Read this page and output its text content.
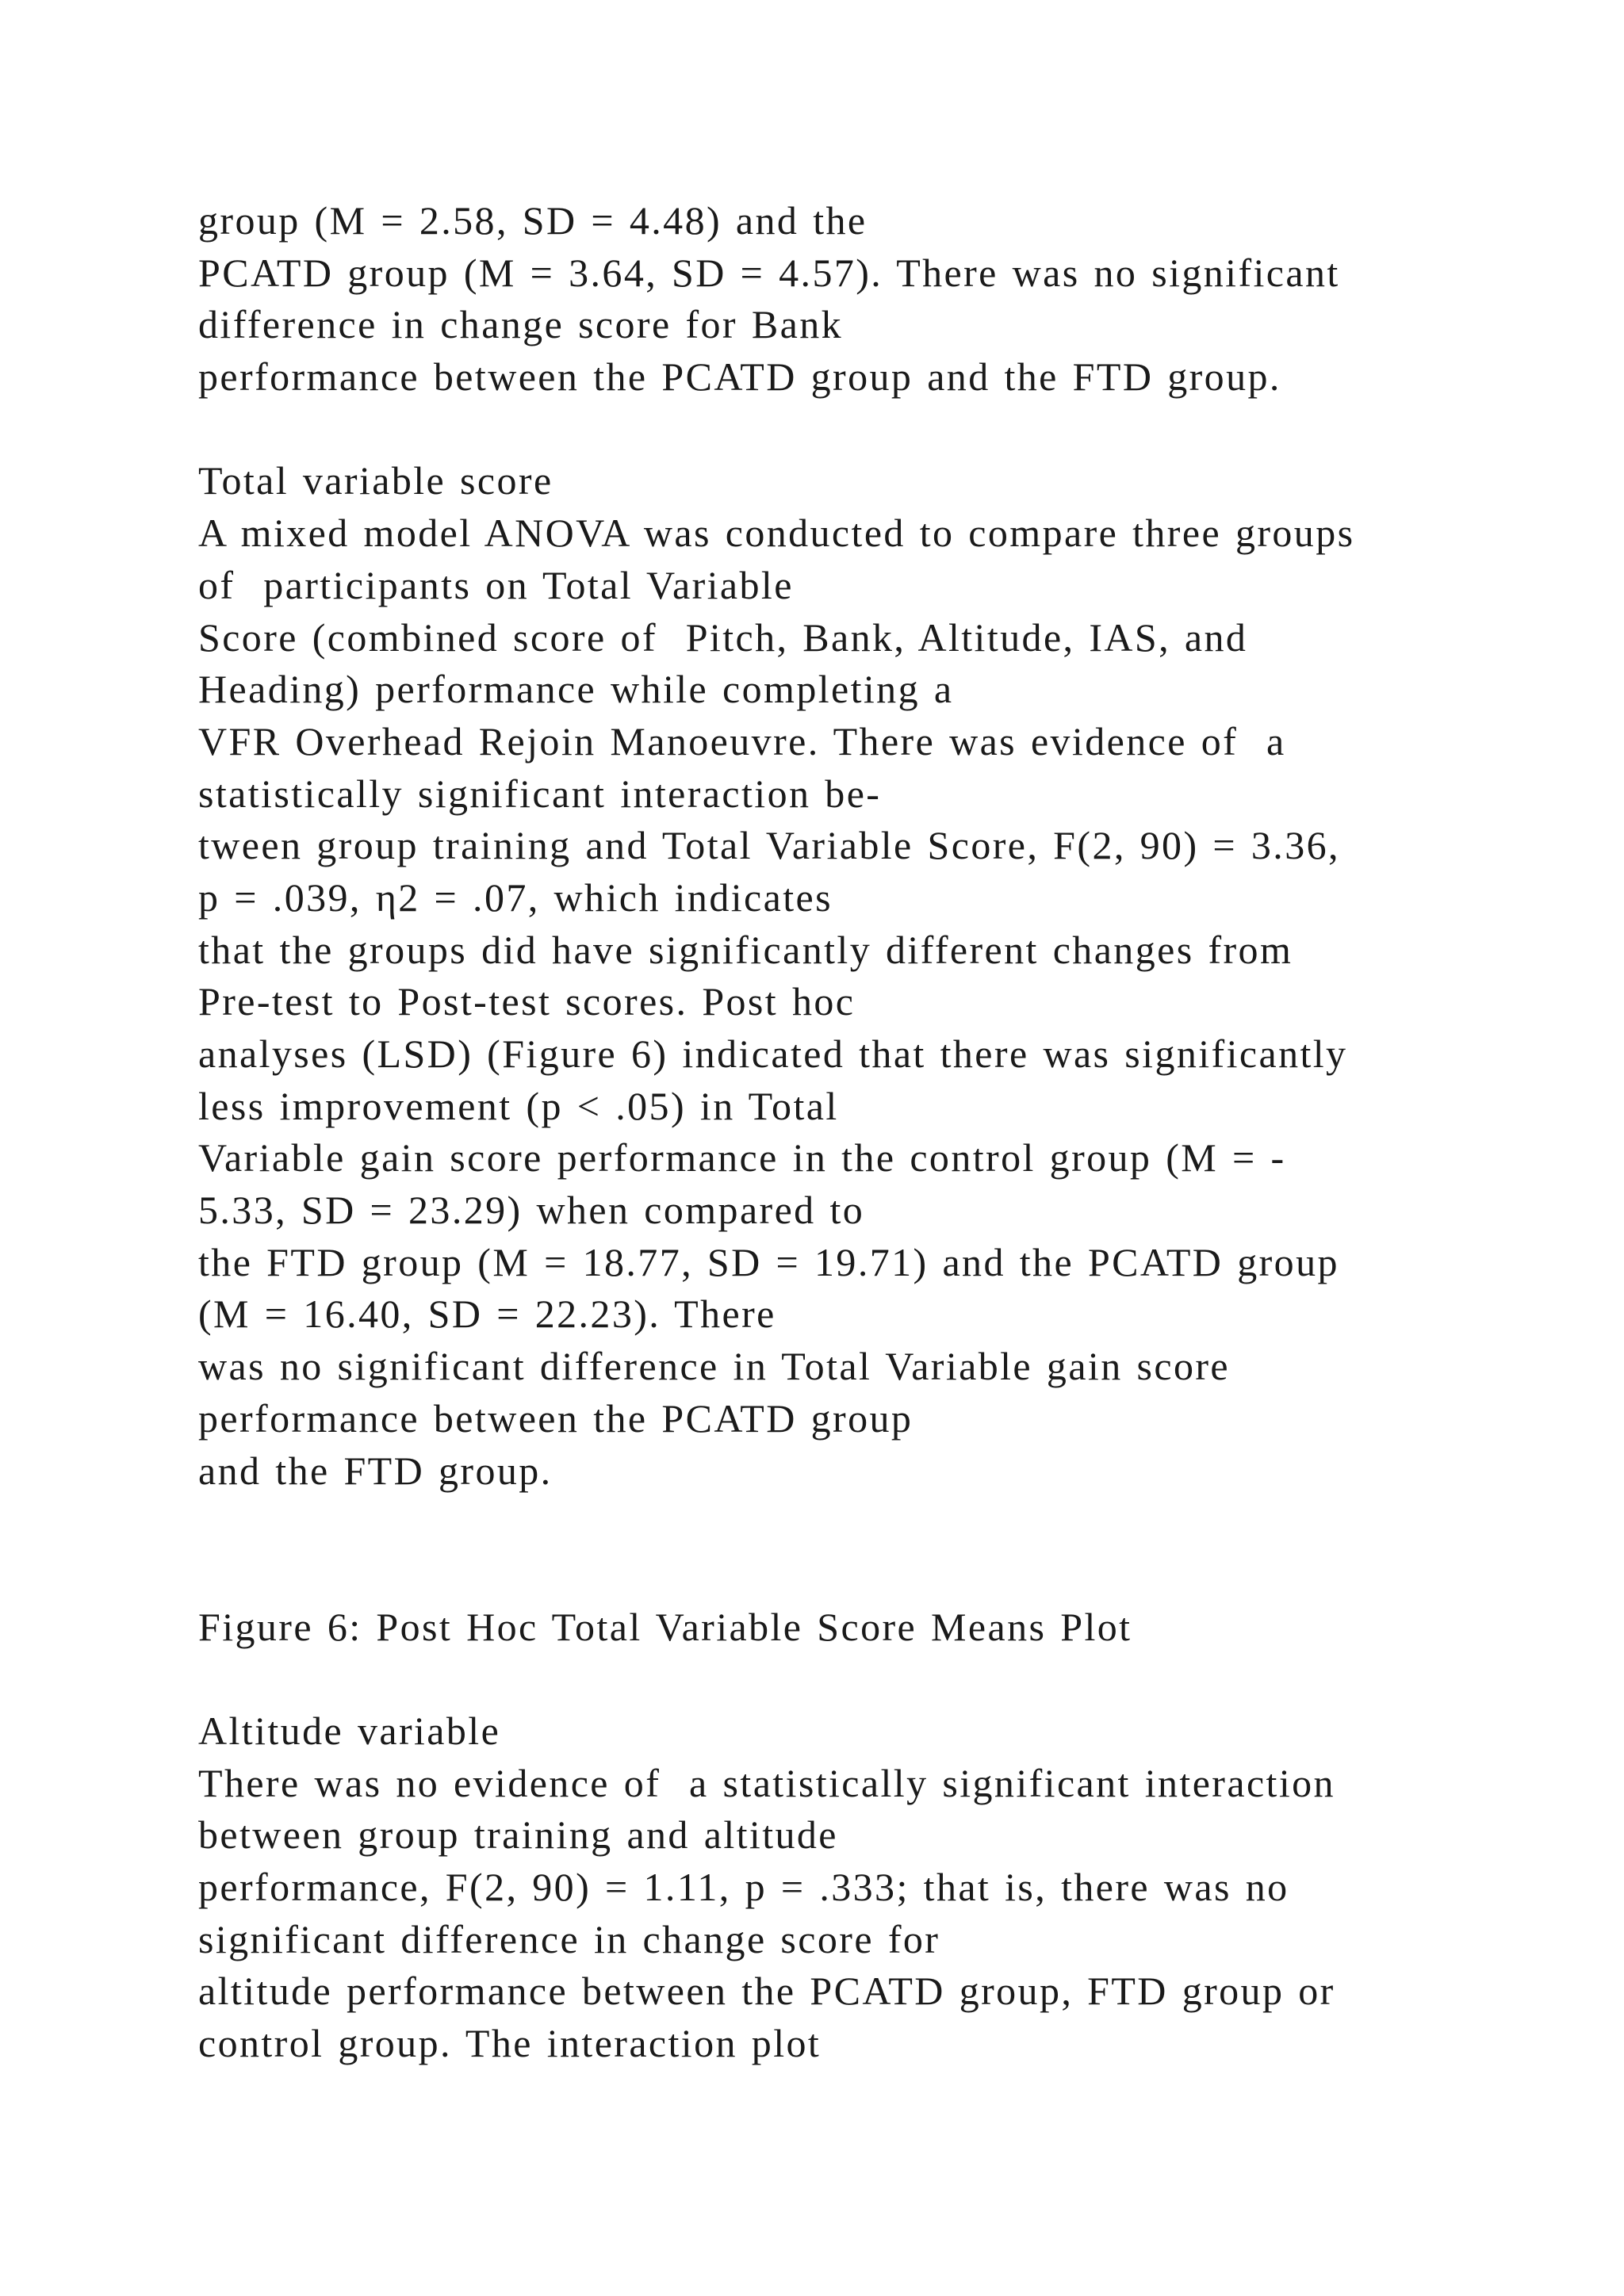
group (M = 2.58, SD = 4.48) and the
PCATD group (M = 3.64, SD = 4.57). There was no significant
difference in change score for Bank
performance between the PCATD group and the FTD group.
Total variable score
A mixed model ANOVA was conducted to compare three groups
of  participants on Total Variable
Score (combined score of  Pitch, Bank, Altitude, IAS, and
Heading) performance while completing a
VFR Overhead Rejoin Manoeuvre. There was evidence of  a
statistically significant interaction be-
tween group training and Total Variable Score, F(2, 90) = 3.36,
p = .039, η2 = .07, which indicates
that the groups did have significantly different changes from
Pre-test to Post-test scores. Post hoc
analyses (LSD) (Figure 6) indicated that there was significantly
less improvement (p < .05) in Total
Variable gain score performance in the control group (M = -
5.33, SD = 23.29) when compared to
the FTD group (M = 18.77, SD = 19.71) and the PCATD group
(M = 16.40, SD = 22.23). There
was no significant difference in Total Variable gain score
performance between the PCATD group
and the FTD group.
Figure 6: Post Hoc Total Variable Score Means Plot
Altitude variable
There was no evidence of  a statistically significant interaction
between group training and altitude
performance, F(2, 90) = 1.11, p = .333; that is, there was no
significant difference in change score for
altitude performance between the PCATD group, FTD group or
control group. The interaction plot
